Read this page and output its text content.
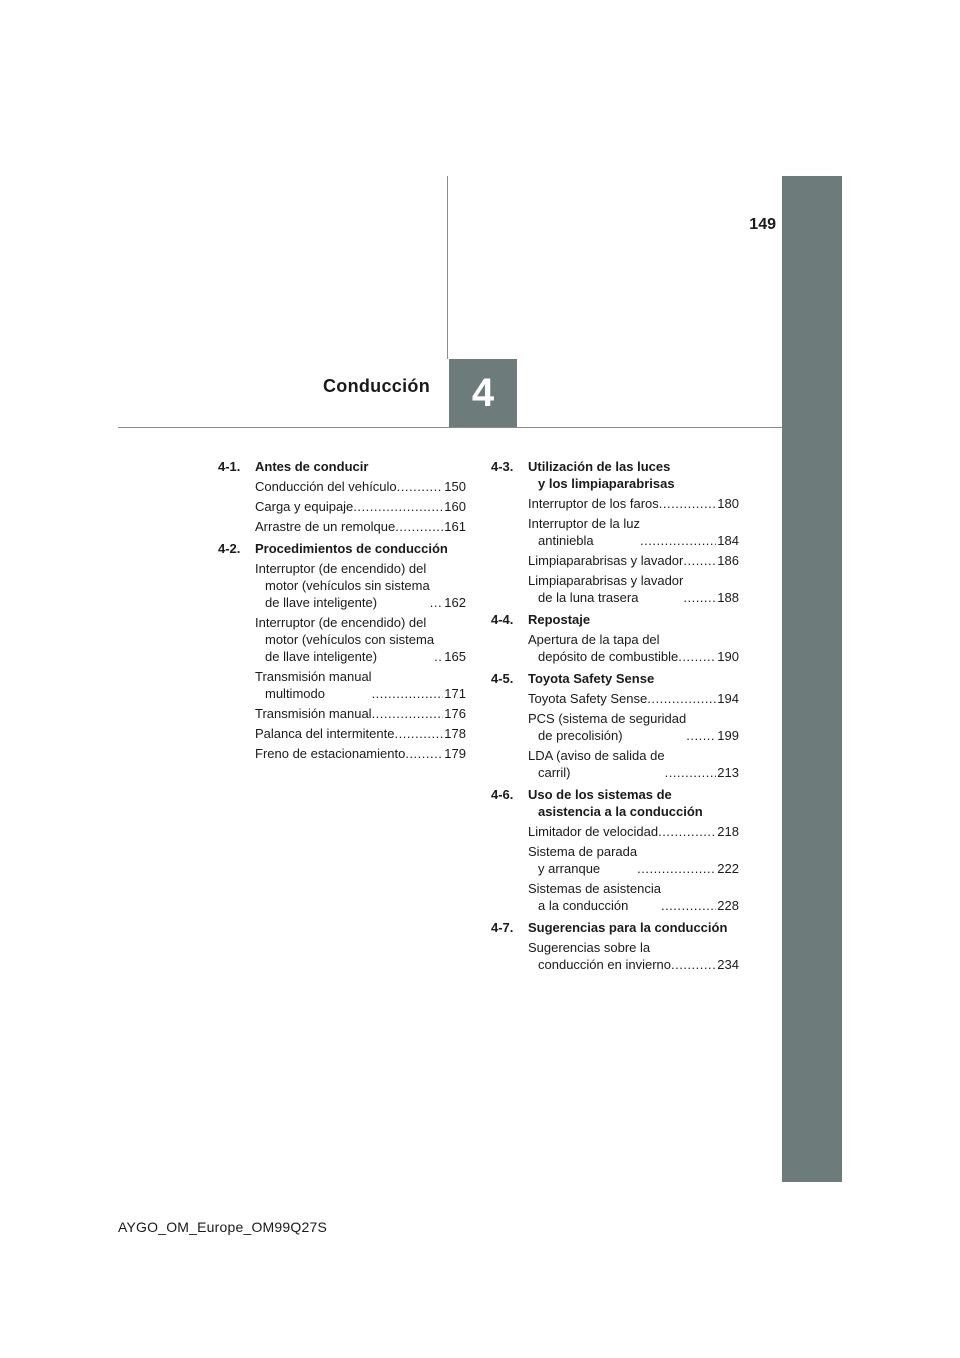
149
Conducción 4
4-1.	Antes de conducir
Conducción del vehículo .....	150
Carga y equipaje .....	160
Arrastre de un remolque .....	161
4-2.	Procedimientos de conducción
Interruptor (de encendido) del
motor (vehículos sin sistema
de llave inteligente) .....	162
Interruptor (de encendido) del
motor (vehículos con sistema
de llave inteligente) .....	165
Transmisión manual
multimodo .....	171
Transmisión manual .....	176
Palanca del intermitente .....	178
Freno de estacionamiento .....	179
4-3.	Utilización de las luces
y los limpiaparabrisas
Interruptor de los faros .....	180
Interruptor de la luz
antiniebla .....	184
Limpiaparabrisas y lavador .....	186
Limpiaparabrisas y lavador
de la luna trasera .....	188
4-4.	Repostaje
Apertura de la tapa del
depósito de combustible .....	190
4-5.	Toyota Safety Sense
Toyota Safety Sense .....	194
PCS (sistema de seguridad
de precolisión) .....	199
LDA (aviso de salida de
carril) .....	213
4-6.	Uso de los sistemas de
asistencia a la conducción
Limitador de velocidad .....	218
Sistema de parada
y arranque .....	222
Sistemas de asistencia
a la conducción .....	228
4-7.	Sugerencias para la conducción
Sugerencias sobre la
conducción en invierno .....	234
AYGO_OM_Europe_OM99Q27S
